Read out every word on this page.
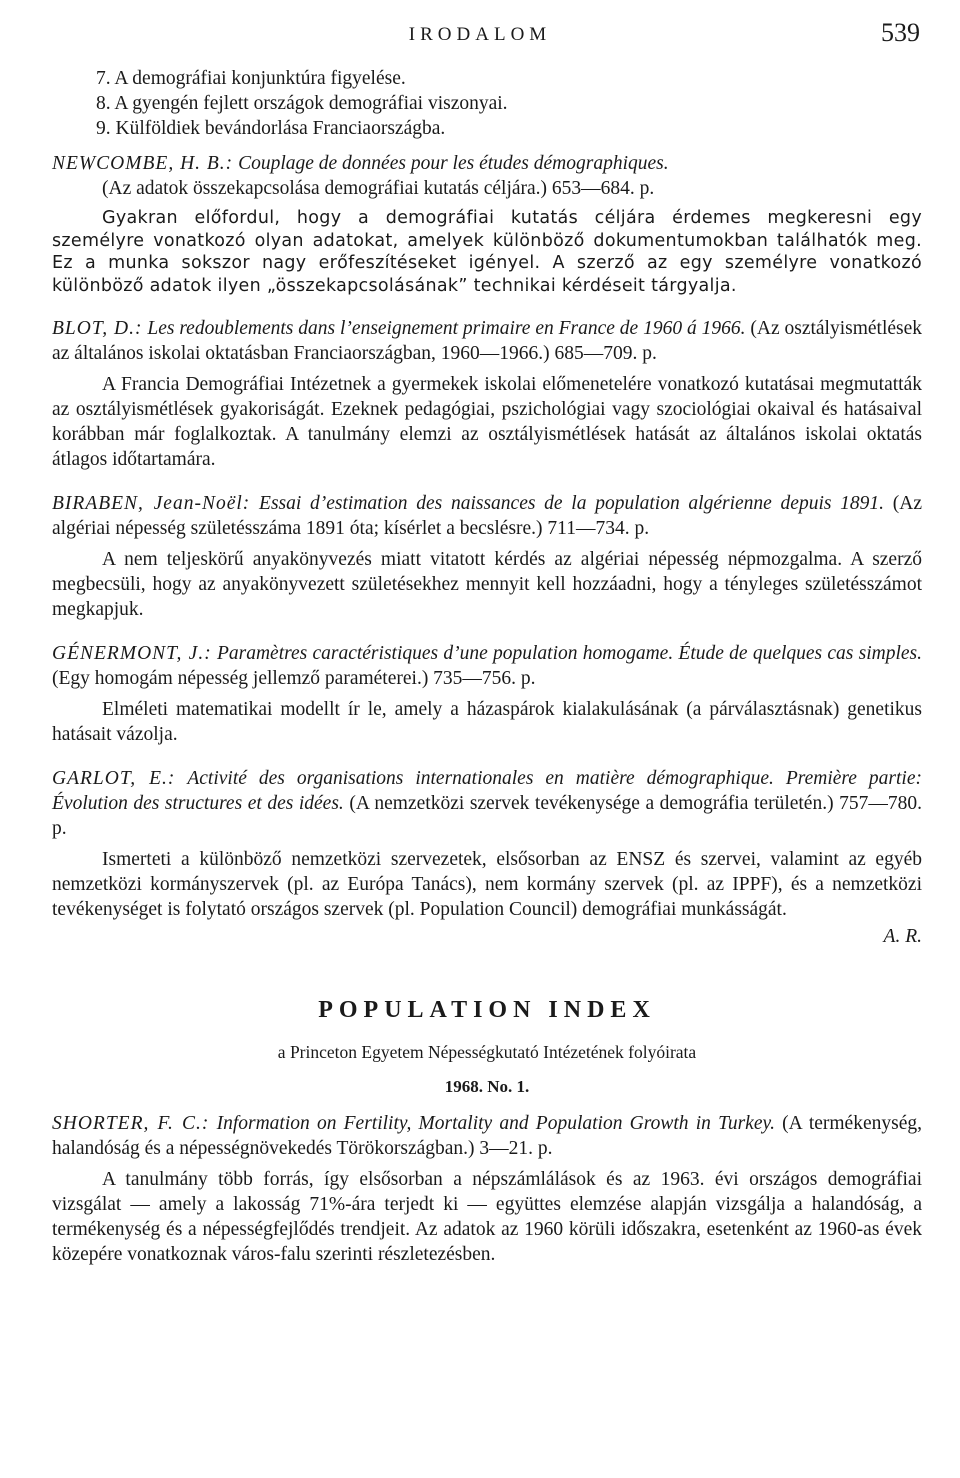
IRODALOM	539

7. A demográfiai konjunktúra figyelése.

8. A gyengén fejlett országok demográfiai viszonyai.

9. Külföldiek bevándorlása Franciaországba.

NEWCOMBE, H. B.: Couplage de données pour les études démographiques.
(Az adatok összekapcsolása demográfiai kutatás céljára.) 653—684. p.

Gyakran előfordul, hogy a demográfiai kutatás céljára érdemes megkeresni egy személyre vonatkozó olyan adatokat, amelyek különböző dokumentumokban találhatók meg. Ez a munka sokszor nagy erőfeszítéseket igényel. A szerző az egy személyre vonatkozó különböző adatok ilyen „összekapcsolásának” technikai kérdéseit tárgyalja.

BLOT, D.: Les redoublements dans l’enseignement primaire en France de 1960 á 1966. (Az osztályismétlések az általános iskolai oktatásban Franciaországban, 1960—1966.) 685—709. p.

A Francia Demográfiai Intézetnek a gyermekek iskolai előmenetelére vonatkozó kutatásai megmutatták az osztályismétlések gyakoriságát. Ezeknek pedagógiai, pszichológiai vagy szociológiai okaival és hatásaival korábban már foglalkoztak. A tanulmány elemzi az osztályismétlések hatását az általános iskolai oktatás átlagos időtartamára.

BIRABEN, Jean-Noël: Essai d’estimation des naissances de la population algérienne depuis 1891. (Az algériai népesség születésszáma 1891 óta; kísérlet a becslésre.) 711—734. p.

A nem teljeskörű anyakönyvezés miatt vitatott kérdés az algériai népesség népmozgalma. A szerző megbecsüli, hogy az anyakönyvezett születésekhez mennyit kell hozzáadni, hogy a tényleges születésszámot megkapjuk.

GÉNERMONT, J.: Paramètres caractéristiques d’une population homogame. Étude de quelques cas simples. (Egy homogám népesség jellemző paraméterei.) 735—756. p.

Elméleti matematikai modellt ír le, amely a házaspárok kialakulásának (a párválasztásnak) genetikus hatásait vázolja.

GARLOT, E.: Activité des organisations internationales en matière démographique. Première partie: Évolution des structures et des idées. (A nemzetközi szervek tevékenysége a demográfia területén.) 757—780. p.

Ismerteti a különböző nemzetközi szervezetek, elsősorban az ENSZ és szervei, valamint az egyéb nemzetközi kormányszervek (pl. az Európa Tanács), nem kormány szervek (pl. az IPPF), és a nemzetközi tevékenységet is folytató országos szervek (pl. Population Council) demográfiai munkásságát.

A. R.

POPULATION INDEX
a Princeton Egyetem Népességkutató Intézetének folyóirata
1968. No. 1.

SHORTER, F. C.: Information on Fertility, Mortality and Population Growth in Turkey. (A termékenység, halandóság és a népességnövekedés Törökországban.) 3—21. p.

A tanulmány több forrás, így elsősorban a népszámlálások és az 1963. évi országos demográfiai vizsgálat — amely a lakosság 71%-ára terjedt ki — együttes elemzése alapján vizsgálja a halandóság, a termékenység és a népességfejlődés trendjeit. Az adatok az 1960 körüli időszakra, esetenként az 1960-as évek közepére vonatkoznak város-falu szerinti részletezésben.
